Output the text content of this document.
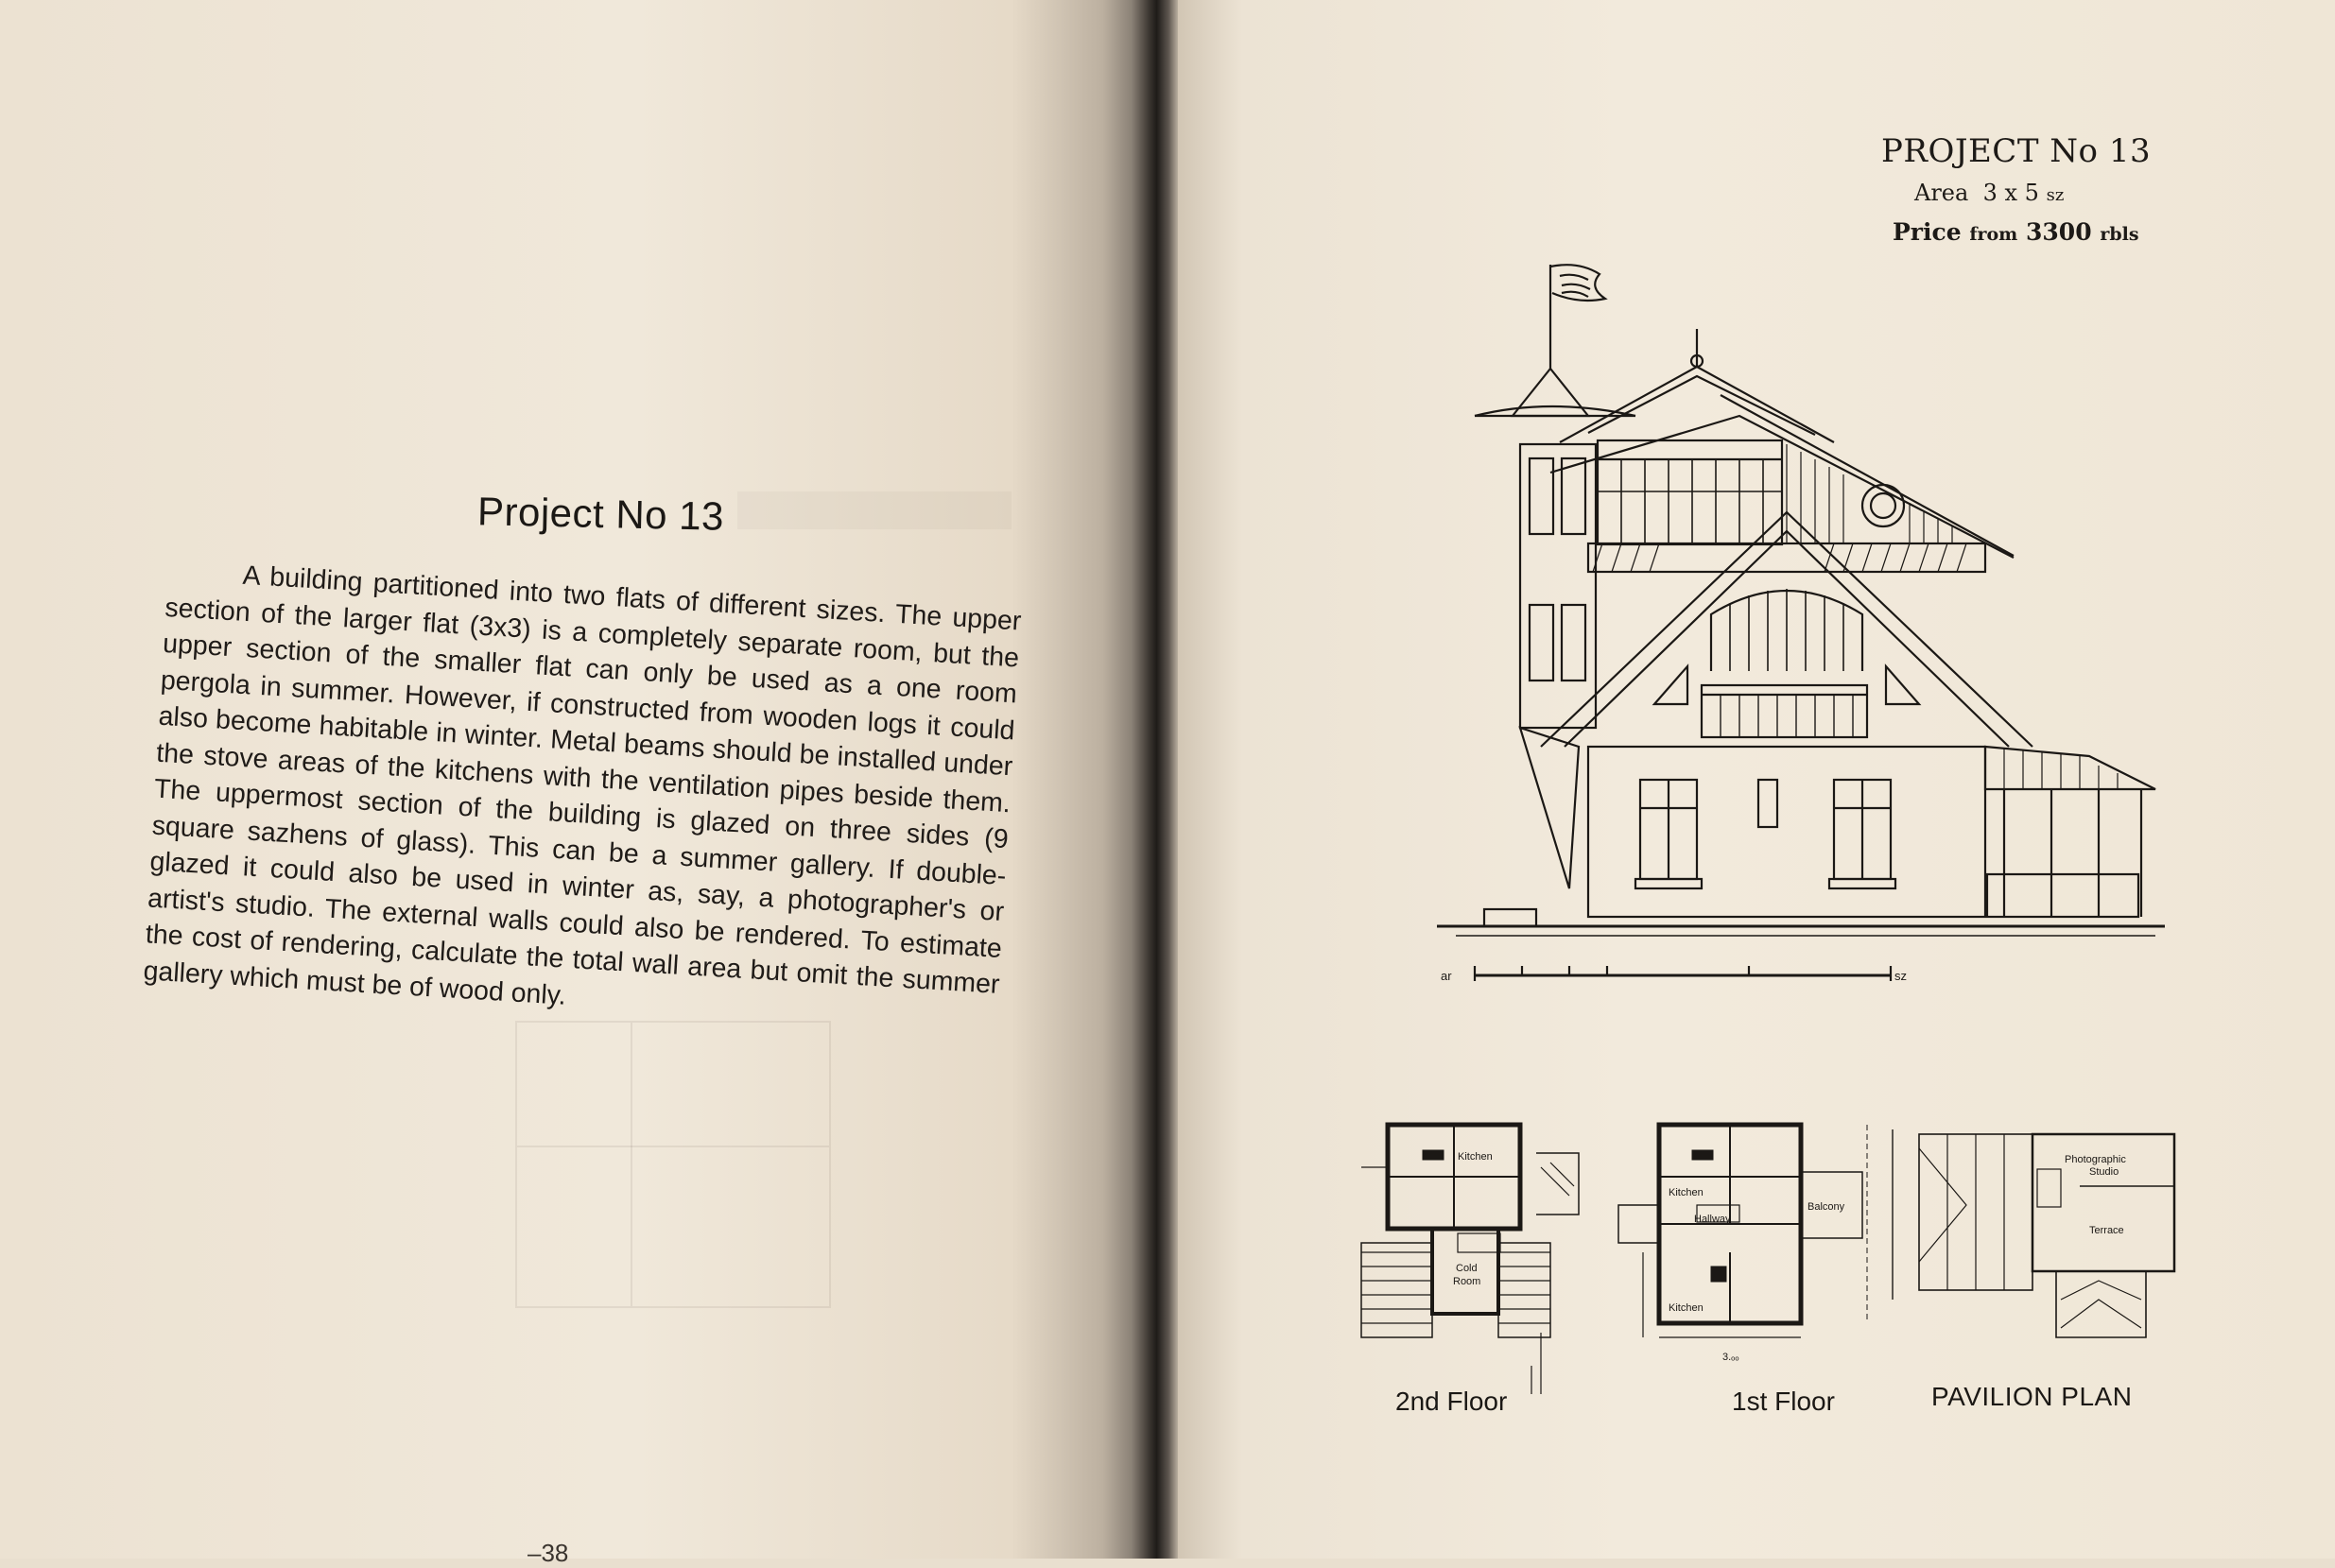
Project No 13
A building partitioned into two flats of different sizes. The upper section of the larger flat (3x3) is a completely separate room, but the upper section of the smaller flat can only be used as a one room pergola in summer. However, if constructed from wooden logs it could also become habitable in winter. Metal beams should be installed under the stove areas of the kitchens with the ventilation pipes beside them. The uppermost section of the building is glazed on three sides (9 square sazhens of glass). This can be a summer gallery. If double-glazed it could also be used in winter as, say, a photographer's or artist's studio. The external walls could also be rendered. To estimate the cost of rendering, calculate the total wall area but omit the summer gallery which must be of wood only.
–38
PROJECT No 13
Area 3 x 5 sz
Price from 3300 rbls
ar	sz
Kitchen
Cold
Room
Kitchen
Hallway
Balcony
Kitchen
3.ₒₒ
Photographic
Studio
Terrace
2nd Floor	1st Floor	PAVILION PLAN
